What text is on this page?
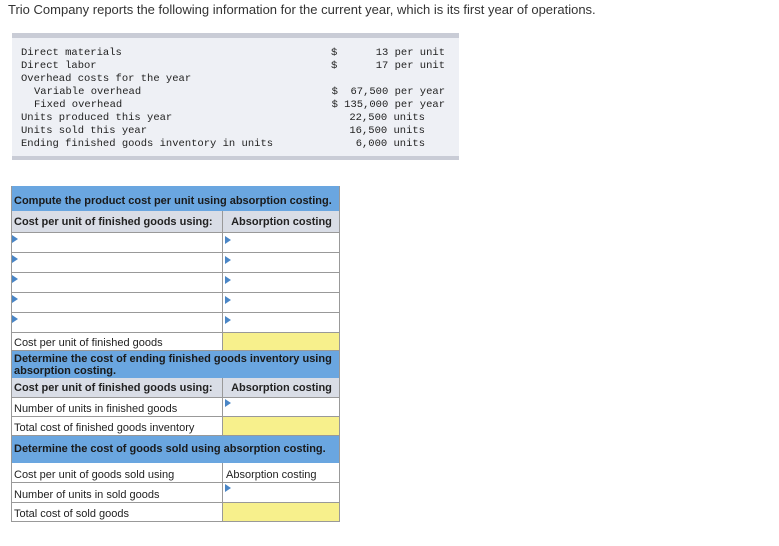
Trio Company reports the following information for the current year, which is its first year of operations.
Direct materials	$	13 per unit
Direct labor	$	17 per unit
Overhead costs for the year
Variable overhead	$  67,500 per year
Fixed overhead	$ 135,000 per year
Units produced this year	22,500 units
Units sold this year	16,500 units
Ending finished goods inventory in units	6,000 units
Compute the product cost per unit using absorption costing.
Cost per unit of finished goods using:	Absorption costing
Cost per unit of finished goods
Determine the cost of ending finished goods inventory using absorption costing.
Cost per unit of finished goods using:	Absorption costing
Number of units in finished goods
Total cost of finished goods inventory
Determine the cost of goods sold using absorption costing.
Cost per unit of goods sold using	Absorption costing
Number of units in sold goods
Total cost of sold goods
